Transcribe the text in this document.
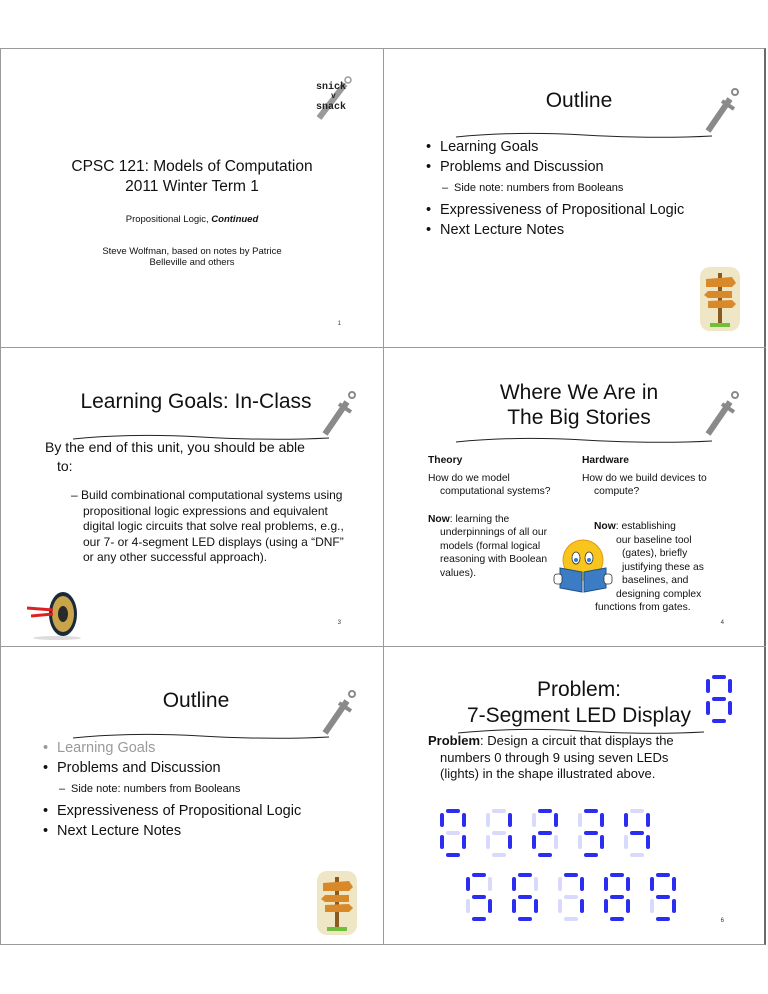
snick
v
snack
CPSC 121: Models of Computation
2011 Winter Term 1
Propositional Logic, Continued
Steve Wolfman, based on notes by Patrice
Belleville and others
1
Outline
• Learning Goals
• Problems and Discussion
– Side note: numbers from Booleans
• Expressiveness of Propositional Logic
• Next Lecture Notes
Learning Goals: In-Class
By the end of this unit, you should be able
to:
– Build combinational computational systems using propositional logic expressions and equivalent digital logic circuits that solve real problems, e.g., our 7- or 4-segment LED displays (using a “DNF” or any other successful approach).
3
Where We Are in
The Big Stories
Theory
How do we model computational systems?
Now: learning the underpinnings of all our models (formal logical reasoning with Boolean values).
Hardware
How do we build devices to compute?
Now: establishing
our baseline tool
(gates), briefly
justifying these as
baselines, and
designing complex
functions from gates.
4
Outline
• Learning Goals
• Problems and Discussion
– Side note: numbers from Booleans
• Expressiveness of Propositional Logic
• Next Lecture Notes
Problem:
7-Segment LED Display
Problem: Design a circuit that displays the
numbers 0 through 9 using seven LEDs
(lights) in the shape illustrated above.
6
